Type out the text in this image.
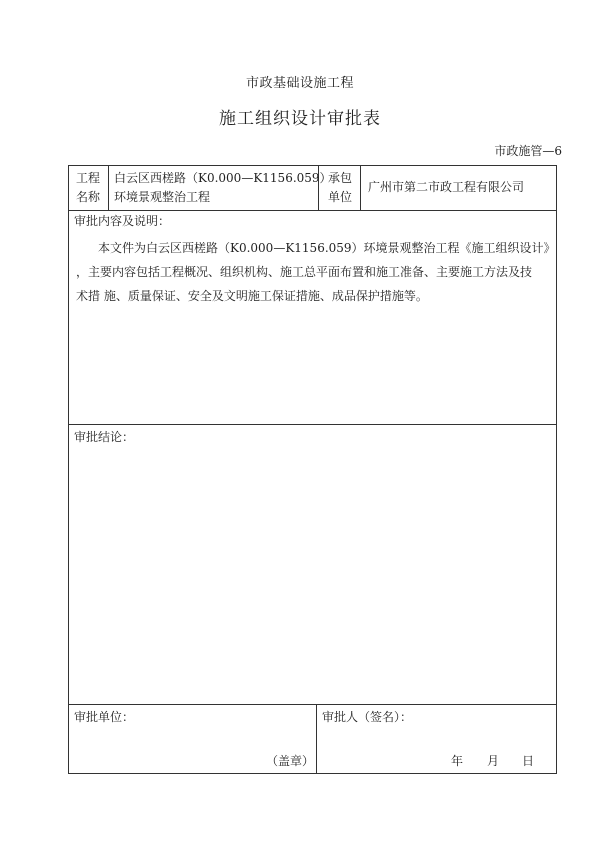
市政基础设施工程
施工组织设计审批表
市政施管—6
工程
名称
白云区西槎路（K0.000—K1156.059）
环境景观整治工程
承包
单位
广州市第二市政工程有限公司
审批内容及说明：
本文件为白云区西槎路（K0.000—K1156.059）环境景观整治工程《施工组织设计》
，主要内容包括工程概况、组织机构、施工总平面布置和施工准备、主要施工方法及技
术措 施、质量保证、安全及文明施工保证措施、成品保护措施等。
审批结论：
审批单位：
（盖章）
审批人（签名）：
年 月 日
